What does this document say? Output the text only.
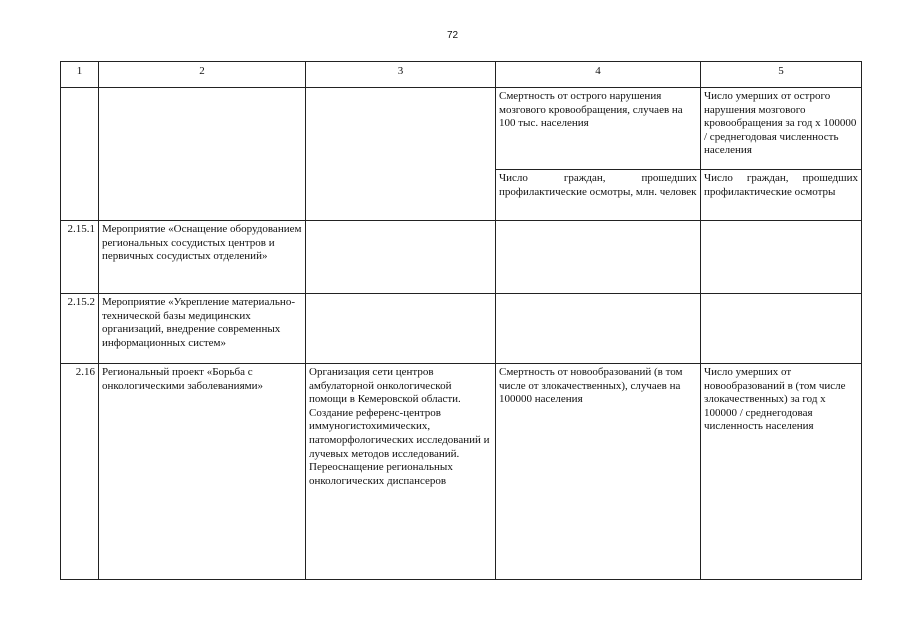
72
1	2	3	4	5
			Смертность от острого нарушения мозгового кровообращения, случаев на 100 тыс. населения	Число умерших от острого нарушения мозгового кровообращения за год х 100000 / среднегодовая численность населения
			Число граждан, прошедших профилактические осмотры, млн. человек	Число граждан, прошедших профилактические осмотры
2.15.1	Мероприятие «Оснащение оборудованием региональных сосудистых центров и первичных сосудистых отделений»			
2.15.2	Мероприятие «Укрепление материально-технической базы медицинских организаций, внедрение современных информационных систем»			
2.16	Региональный проект «Борьба с онкологическими заболеваниями»	Организация сети центров амбулаторной онкологической помощи в Кемеровской области. Создание референс-центров иммуногистохимических, патоморфологических исследований и лучевых методов исследований. Переоснащение региональных онкологических диспансеров	Смертность от новообразований (в том числе от злокачественных), случаев на 100000 населения	Число умерших от новообразований в (том числе злокачественных) за год х 100000 / среднегодовая численность населения
